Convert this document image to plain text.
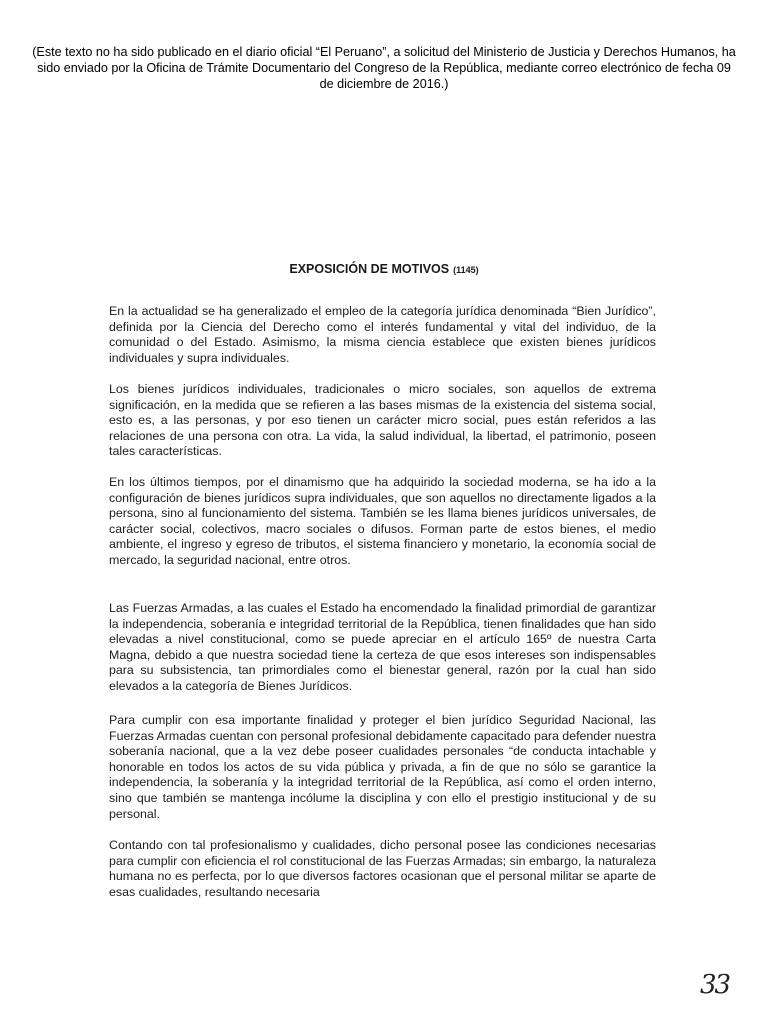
(Este texto no ha sido publicado en el diario oficial “El Peruano”, a solicitud del Ministerio de Justicia y Derechos Humanos, ha sido enviado por la Oficina de Trámite Documentario del Congreso de la República, mediante correo electrónico de fecha 09 de diciembre de 2016.)
EXPOSICIÓN DE MOTIVOS (1145)

En la actualidad se ha generalizado el empleo de la categoría jurídica denominada “Bien Jurídico”, definida por la Ciencia del Derecho como el interés fundamental y vital del individuo, de la comunidad o del Estado. Asimismo, la misma ciencia establece que existen bienes jurídicos individuales y supra individuales.

Los bienes jurídicos individuales, tradicionales o micro sociales, son aquellos de extrema significación, en la medida que se refieren a las bases mismas de la existencia del sistema social, esto es, a las personas, y por eso tienen un carácter micro social, pues están referidos a las relaciones de una persona con otra. La vida, la salud individual, la libertad, el patrimonio, poseen tales características.

En los últimos tiempos, por el dinamismo que ha adquirido la sociedad moderna, se ha ido a la configuración de bienes jurídicos supra individuales, que son aquellos no directamente ligados a la persona, sino al funcionamiento del sistema. También se les llama bienes jurídicos universales, de carácter social, colectivos, macro sociales o difusos. Forman parte de estos bienes, el medio ambiente, el ingreso y egreso de tributos, el sistema financiero y monetario, la economía social de mercado, la seguridad nacional, entre otros.

Las Fuerzas Armadas, a las cuales el Estado ha encomendado la finalidad primordial de garantizar la independencia, soberanía e integridad territorial de la República, tienen finalidades que han sido elevadas a nivel constitucional, como se puede apreciar en el artículo 165º de nuestra Carta Magna, debido a que nuestra sociedad tiene la certeza de que esos intereses son indispensables para su subsistencia, tan primordiales como el bienestar general, razón por la cual han sido elevados a la categoría de Bienes Jurídicos.

Para cumplir con esa importante finalidad y proteger el bien jurídico Seguridad Nacional, las Fuerzas Armadas cuentan con personal profesional debidamente capacitado para defender nuestra soberanía nacional, que a la vez debe poseer cualidades personales “de conducta intachable y honorable en todos los actos de su vida pública y privada, a fin de que no sólo se garantice la independencia, la soberanía y la integridad territorial de la República, así como el orden interno, sino que también se mantenga incólume la disciplina y con ello el prestigio institucional y de su personal.

Contando con tal profesionalismo y cualidades, dicho personal posee las condiciones necesarias para cumplir con eficiencia el rol constitucional de las Fuerzas Armadas; sin embargo, la naturaleza humana no es perfecta, por lo que diversos factores ocasionan que el personal militar se aparte de esas cualidades, resultando necesaria

33
